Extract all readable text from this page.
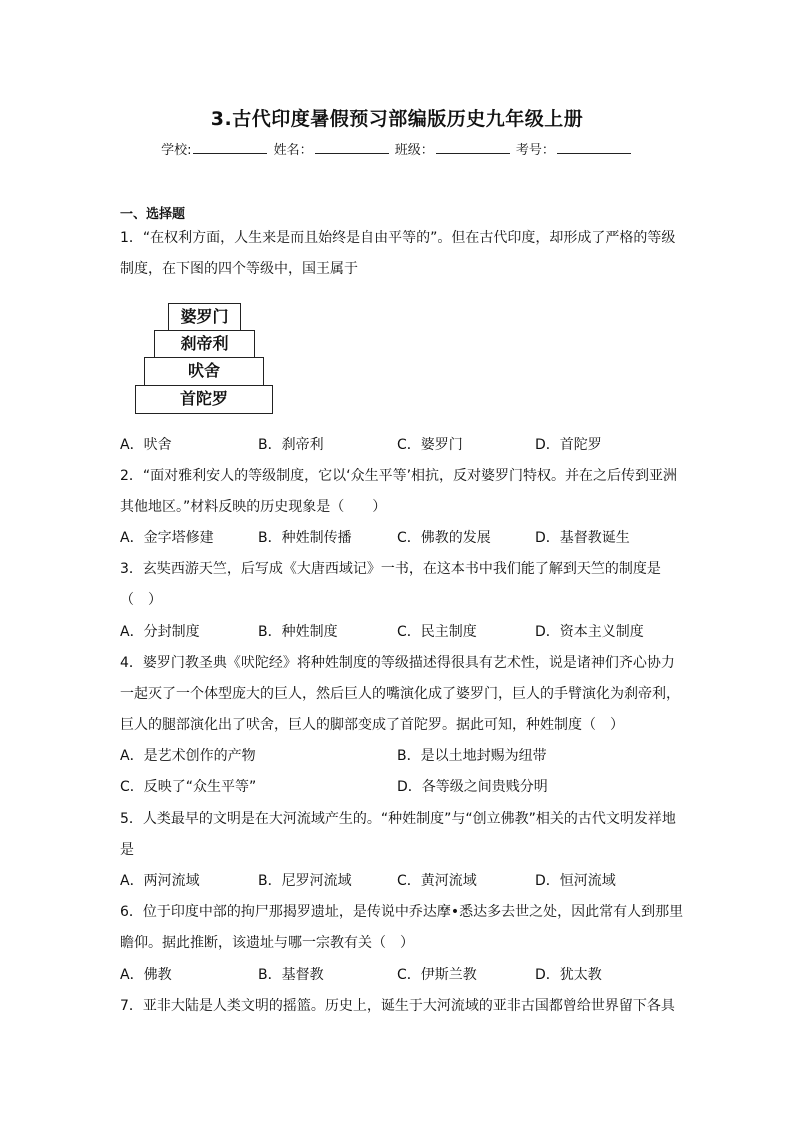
3.古代印度暑假预习部编版历史九年级上册
学校:	姓名：	班级：	考号：
一、选择题
1．“在权利方面，人生来是而且始终是自由平等的”。但在古代印度，却形成了严格的等级
制度，在下图的四个等级中，国王属于
婆罗门
刹帝利
吠舍
首陀罗
A．吠舍	B．刹帝利	C．婆罗门	D．首陀罗
2．“面对雅利安人的等级制度，它以‘众生平等’相抗，反对婆罗门特权。并在之后传到亚洲
其他地区。”材料反映的历史现象是（　　）
A．金字塔修建	B．种姓制传播	C．佛教的发展	D．基督教诞生
3．玄奘西游天竺，后写成《大唐西域记》一书，在这本书中我们能了解到天竺的制度是
（　）
A．分封制度	B．种姓制度	C．民主制度	D．资本主义制度
4．婆罗门教圣典《吠陀经》将种姓制度的等级描述得很具有艺术性，说是诸神们齐心协力
一起灭了一个体型庞大的巨人，然后巨人的嘴演化成了婆罗门，巨人的手臂演化为刹帝利，
巨人的腿部演化出了吠舍，巨人的脚部变成了首陀罗。据此可知，种姓制度（　）
A．是艺术创作的产物	B．是以土地封赐为纽带
C．反映了“众生平等”	D．各等级之间贵贱分明
5．人类最早的文明是在大河流域产生的。“种姓制度”与“创立佛教”相关的古代文明发祥地
是
A．两河流域	B．尼罗河流域	C．黄河流域	D．恒河流域
6．位于印度中部的拘尸那揭罗遗址，是传说中乔达摩•悉达多去世之处，因此常有人到那里
瞻仰。据此推断，该遗址与哪一宗教有关（　）
A．佛教	B．基督教	C．伊斯兰教	D．犹太教
7．亚非大陆是人类文明的摇篮。历史上，诞生于大河流域的亚非古国都曾给世界留下各具
